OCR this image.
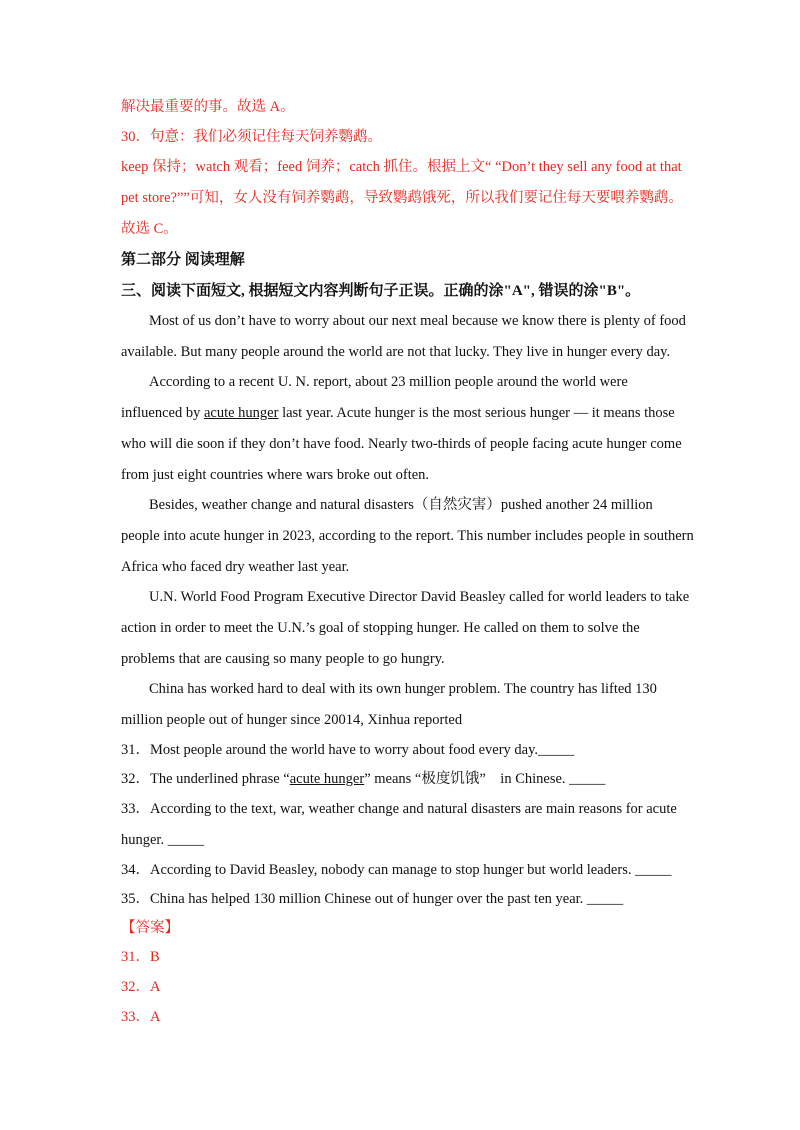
解决最重要的事。故选 A。
30．句意：我们必须记住每天饲养鹦鹉。
keep 保持；watch 观看；feed 饲养；catch 抓住。根据上文“ “Don’t they sell any food at that
pet store?””可知，女人没有饲养鹦鹉，导致鹦鹉饿死，所以我们要记住每天要喂养鹦鹉。
故选 C。
第二部分 阅读理解
三、阅读下面短文, 根据短文内容判断句子正误。正确的涂"A", 错误的涂"B"。
Most of us don’t have to worry about our next meal because we know there is plenty of food
available. But many people around the world are not that lucky. They live in hunger every day.
According to a recent U. N. report, about 23 million people around the world were
influenced by acute hunger last year. Acute hunger is the most serious hunger — it means those
who will die soon if they don’t have food. Nearly two-thirds of people facing acute hunger come
from just eight countries where wars broke out often.
Besides, weather change and natural disasters（自然灾害）pushed another 24 million
people into acute hunger in 2023, according to the report. This number includes people in southern
Africa who faced dry weather last year.
U.N. World Food Program Executive Director David Beasley called for world leaders to take
action in order to meet the U.N.’s goal of stopping hunger. He called on them to solve the
problems that are causing so many people to go hungry.
China has worked hard to deal with its own hunger problem. The country has lifted 130
million people out of hunger since 20014, Xinhua reported
31．Most people around the world have to worry about food every day._____
32．The underlined phrase “acute hunger” means “极度饥饿”　in Chinese. _____
33．According to the text, war, weather change and natural disasters are main reasons for acute
hunger. _____
34．According to David Beasley, nobody can manage to stop hunger but world leaders. _____
35．China has helped 130 million Chinese out of hunger over the past ten year. _____
【答案】
31．B
32．A
33．A
